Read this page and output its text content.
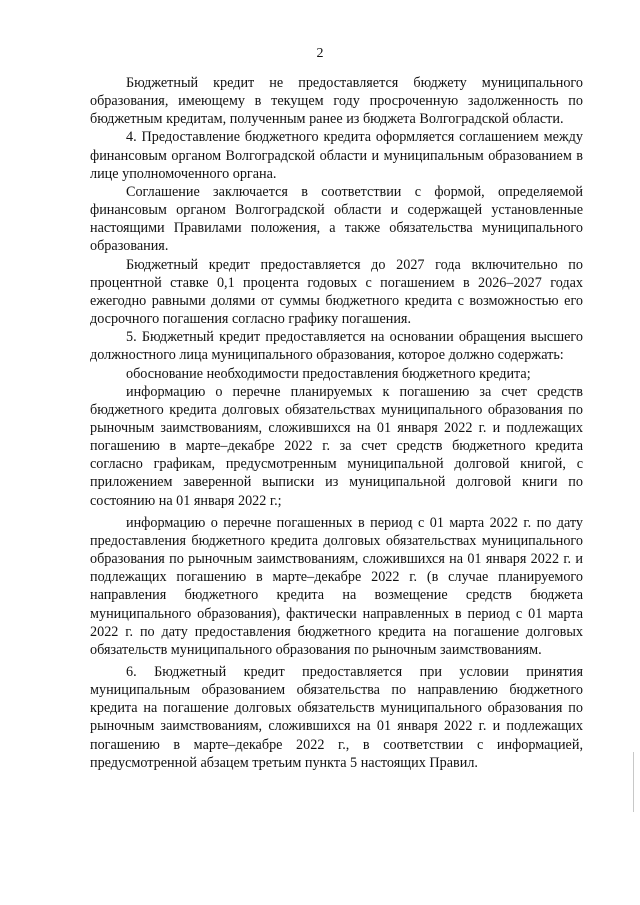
2

Бюджетный кредит не предоставляется бюджету муниципального образования, имеющему в текущем году просроченную задолженность по бюджетным кредитам, полученным ранее из бюджета Волгоградской области.

4. Предоставление бюджетного кредита оформляется соглашением между финансовым органом Волгоградской области и муниципальным образованием в лице уполномоченного органа.

Соглашение заключается в соответствии с формой, определяемой финансовым органом Волгоградской области и содержащей установленные настоящими Правилами положения, а также обязательства муниципального образования.

Бюджетный кредит предоставляется до 2027 года включительно по процентной ставке 0,1 процента годовых с погашением в 2026–2027 годах ежегодно равными долями от суммы бюджетного кредита с возможностью его досрочного погашения согласно графику погашения.

5. Бюджетный кредит предоставляется на основании обращения высшего должностного лица муниципального образования, которое должно содержать:

обоснование необходимости предоставления бюджетного кредита;

информацию о перечне планируемых к погашению за счет средств бюджетного кредита долговых обязательствах муниципального образования по рыночным заимствованиям, сложившихся на 01 января 2022 г. и подлежащих погашению в марте–декабре 2022 г. за счет средств бюджетного кредита согласно графикам, предусмотренным муниципальной долговой книгой, с приложением заверенной выписки из муниципальной долговой книги по состоянию на 01 января 2022 г.;

информацию о перечне погашенных в период с 01 марта 2022 г. по дату предоставления бюджетного кредита долговых обязательствах муниципального образования по рыночным заимствованиям, сложившихся на 01 января 2022 г. и подлежащих погашению в марте–декабре 2022 г. (в случае планируемого направления бюджетного кредита на возмещение средств бюджета муниципального образования), фактически направленных в период с 01 марта 2022 г. по дату предоставления бюджетного кредита на погашение долговых обязательств муниципального образования по рыночным заимствованиям.

6. Бюджетный кредит предоставляется при условии принятия муниципальным образованием обязательства по направлению бюджетного кредита на погашение долговых обязательств муниципального образования по рыночным заимствованиям, сложившихся на 01 января 2022 г. и подлежащих погашению в марте–декабре 2022 г., в соответствии с информацией, предусмотренной абзацем третьим пункта 5 настоящих Правил.
